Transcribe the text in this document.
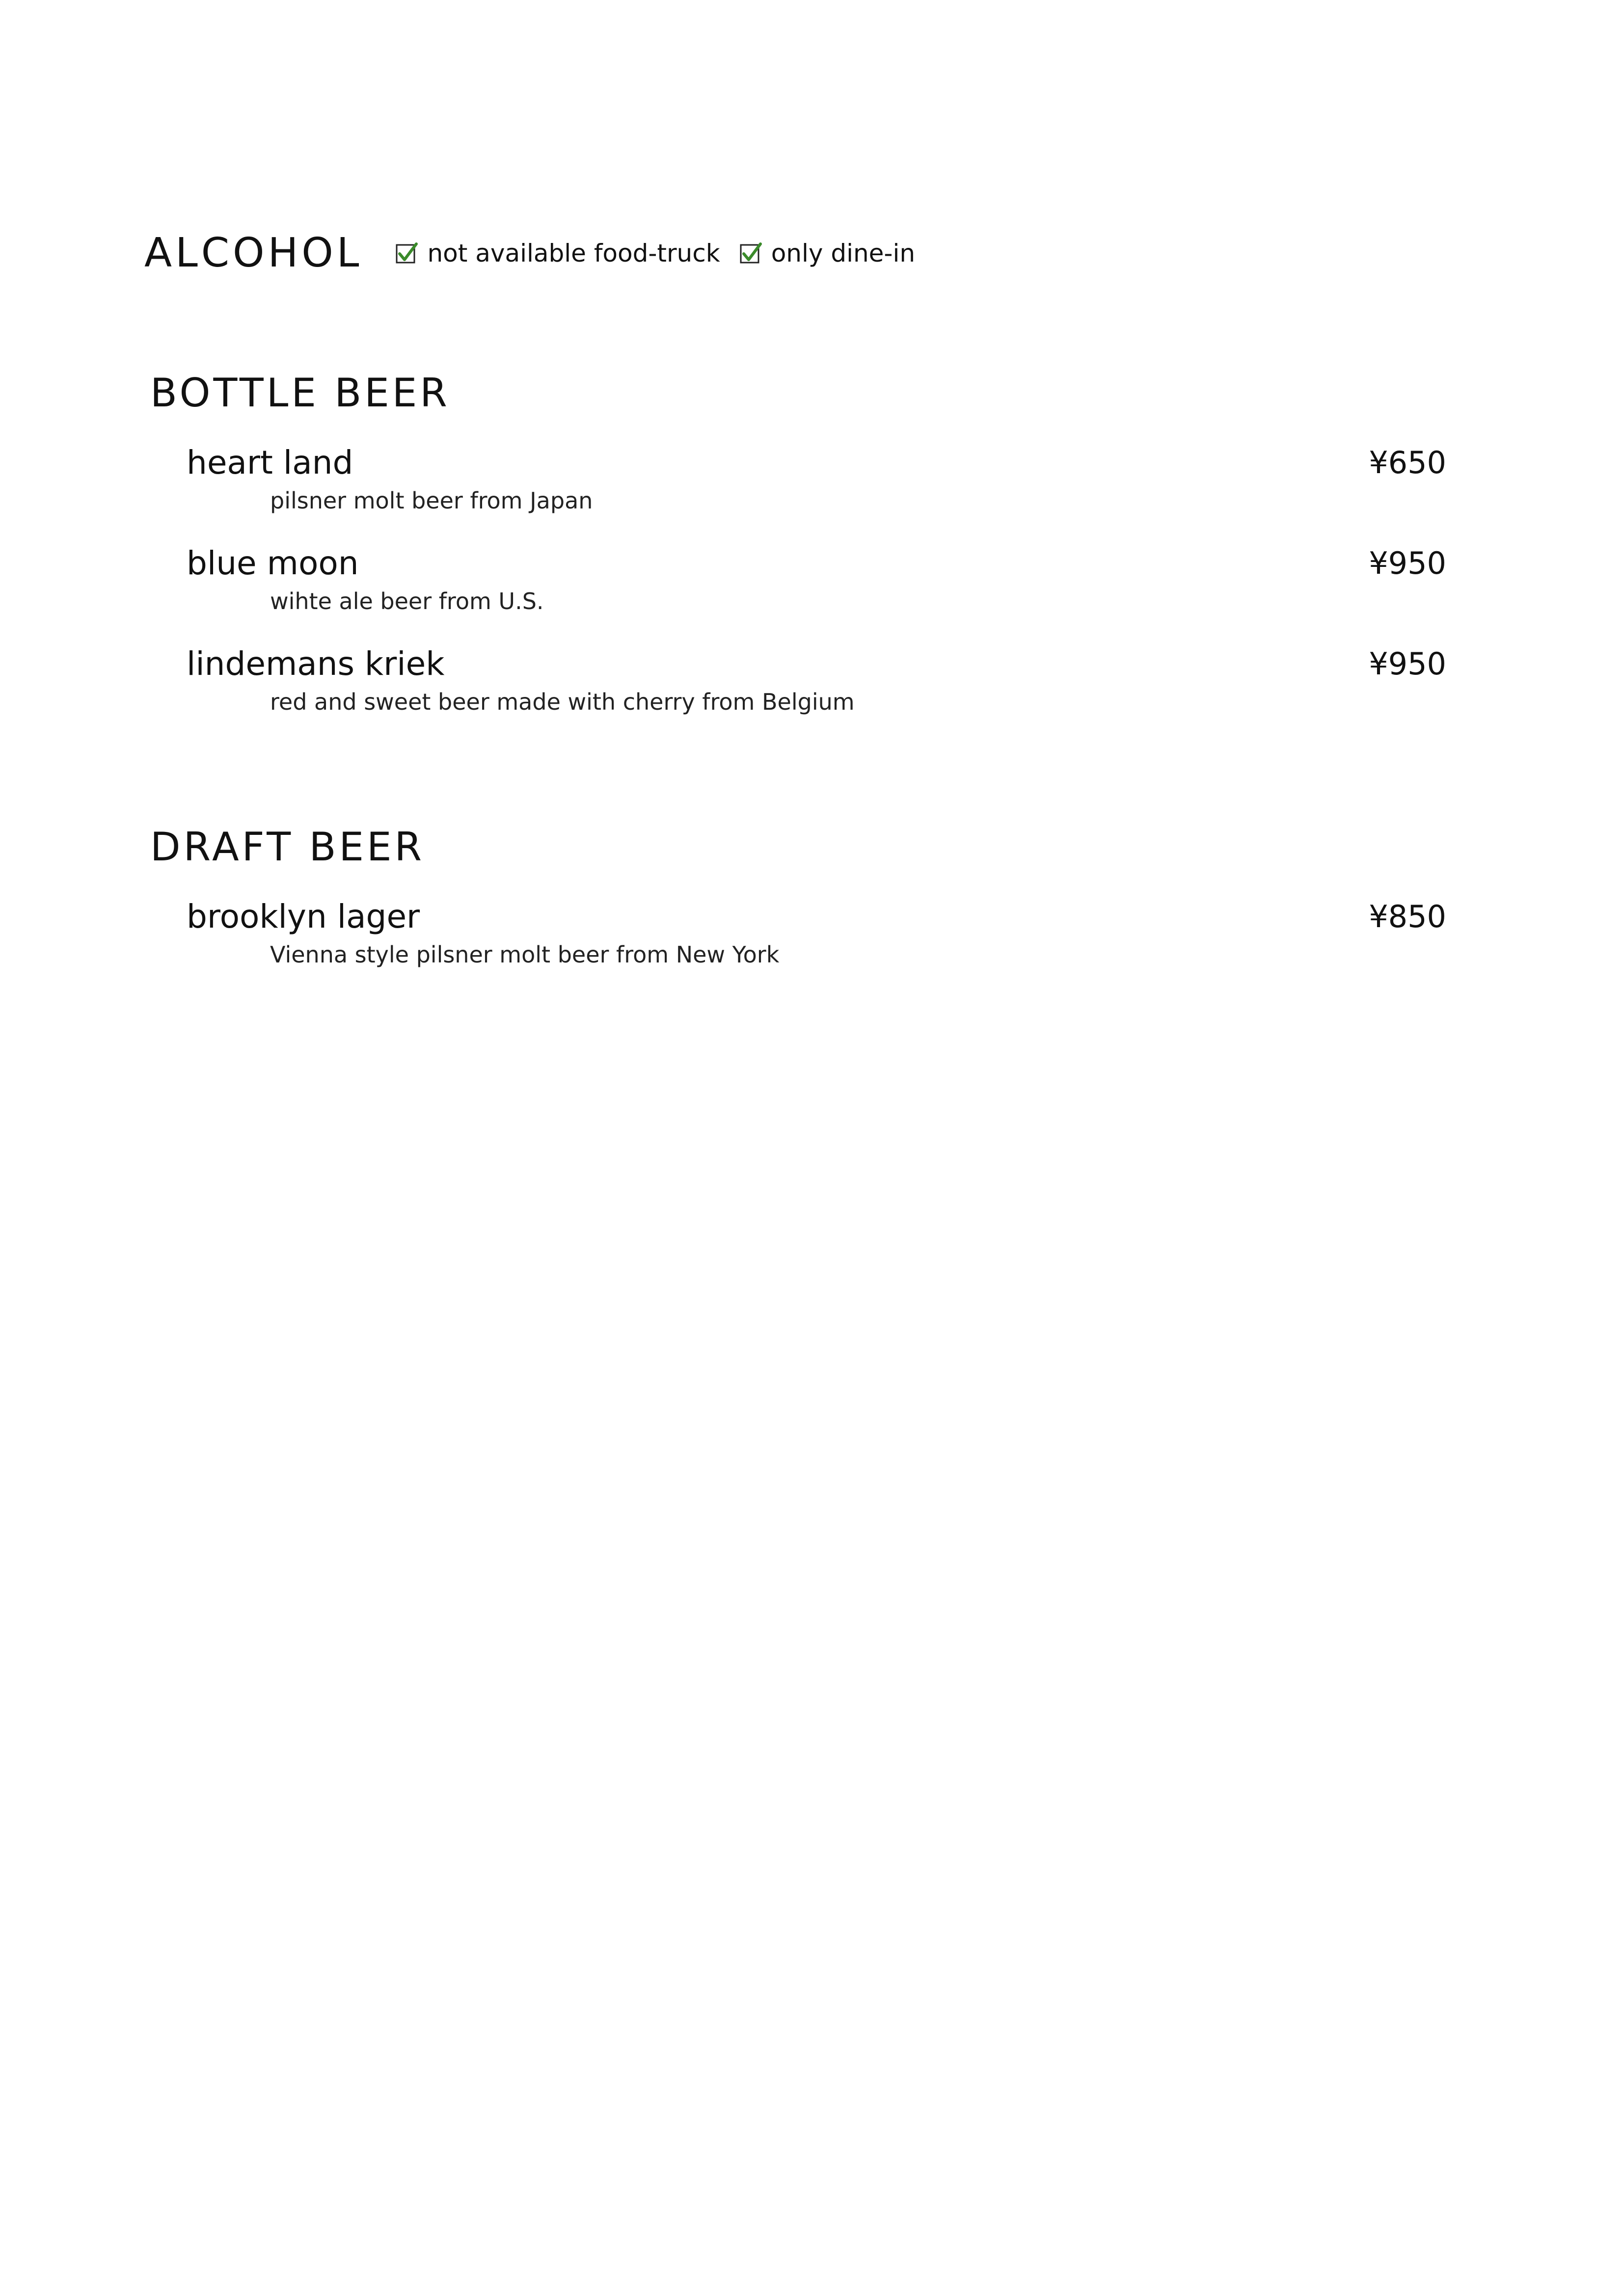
ALCOHOL	not available food-truck only dine-in
BOTTLE BEER
heart land	¥650
pilsner molt beer from Japan
blue moon	¥950
wihte ale beer from U.S.
lindemans kriek	¥950
red and sweet beer made with cherry from Belgium
DRAFT BEER
brooklyn lager	¥850
Vienna style pilsner molt beer from New York
